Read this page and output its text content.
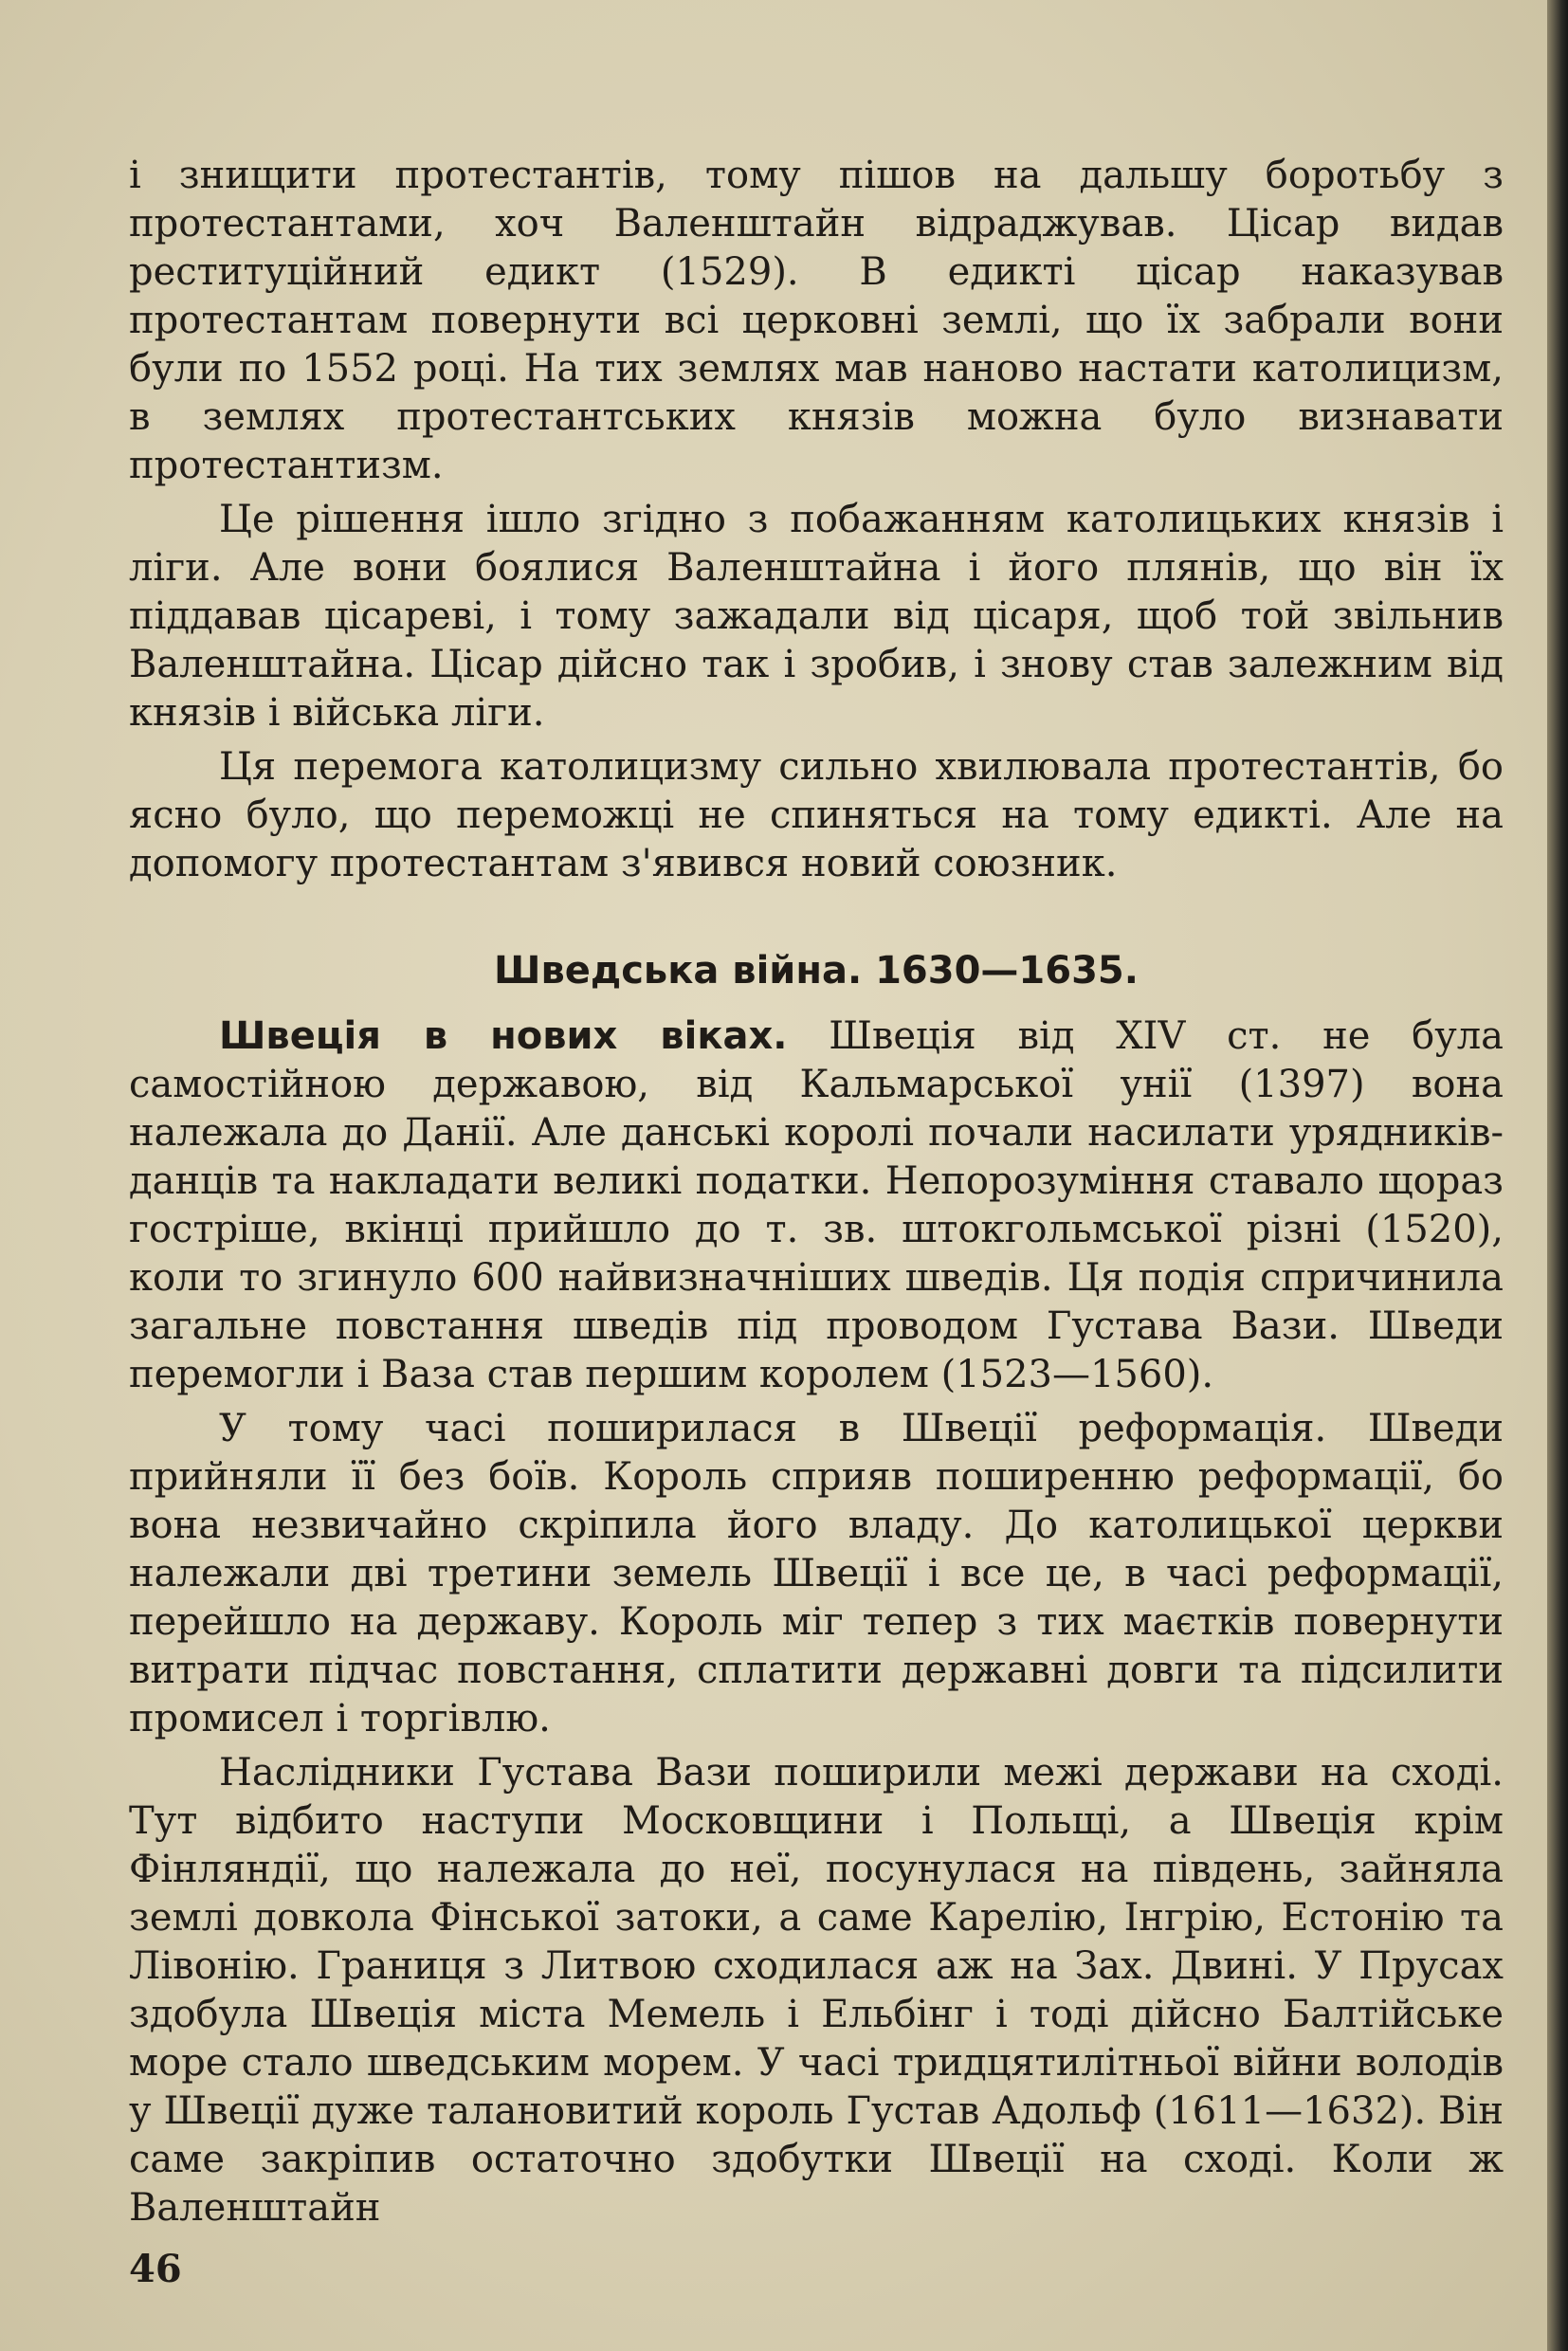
і знищити протестантів, тому пішов на дальшу боротьбу з протестантами, хоч Валенштайн відраджував. Цісар видав реституційний едикт (1529). В едикті цісар наказував протестантам повернути всі церковні землі, що їх забрали вони були по 1552 році. На тих землях мав наново настати католицизм, в землях протестантських князів можна було визнавати протестантизм.

Це рішення ішло згідно з побажанням католицьких князів і ліги. Але вони боялися Валенштайна і його плянів, що він їх піддавав цісареві, і тому зажадали від цісаря, щоб той звільнив Валенштайна. Цісар дійсно так і зробив, і знову став залежним від князів і війська ліги.

Ця перемога католицизму сильно хвилювала протестантів, бо ясно було, що переможці не спиняться на тому едикті. Але на допомогу протестантам з'явився новий союзник.

Шведська війна. 1630—1635.

Швеція в нових віках. Швеція від XIV ст. не була самостійною державою, від Кальмарської унії (1397) вона належала до Данії. Але данські королі почали насилати урядників-данців та накладати великі податки. Непорозуміння ставало щораз гостріше, вкінці прийшло до т. зв. штокгольмської різні (1520), коли то згинуло 600 найвизначніших шведів. Ця подія спричинила загальне повстання шведів під проводом Густава Вази. Шведи перемогли і Ваза став першим королем (1523—1560).

У тому часі поширилася в Швеції реформація. Шведи прийняли її без боїв. Король сприяв поширенню реформації, бо вона незвичайно скріпила його владу. До католицької церкви належали дві третини земель Швеції і все це, в часі реформації, перейшло на державу. Король міг тепер з тих маєтків повернути витрати підчас повстання, сплатити державні довги та підсилити промисел і торгівлю.

Наслідники Густава Вази поширили межі держави на сході. Тут відбито наступи Московщини і Польщі, а Швеція крім Фінляндії, що належала до неї, посунулася на південь, зайняла землі довкола Фінської затоки, а саме Карелію, Інгрію, Естонію та Лівонію. Границя з Литвою сходилася аж на Зах. Двині. У Прусах здобула Швеція міста Мемель і Ельбінг і тоді дійсно Балтійське море стало шведським морем. У часі тридцятилітньої війни володів у Швеції дуже талановитий король Густав Адольф (1611—1632). Він саме закріпив остаточно здобутки Швеції на сході. Коли ж Валенштайн

46
